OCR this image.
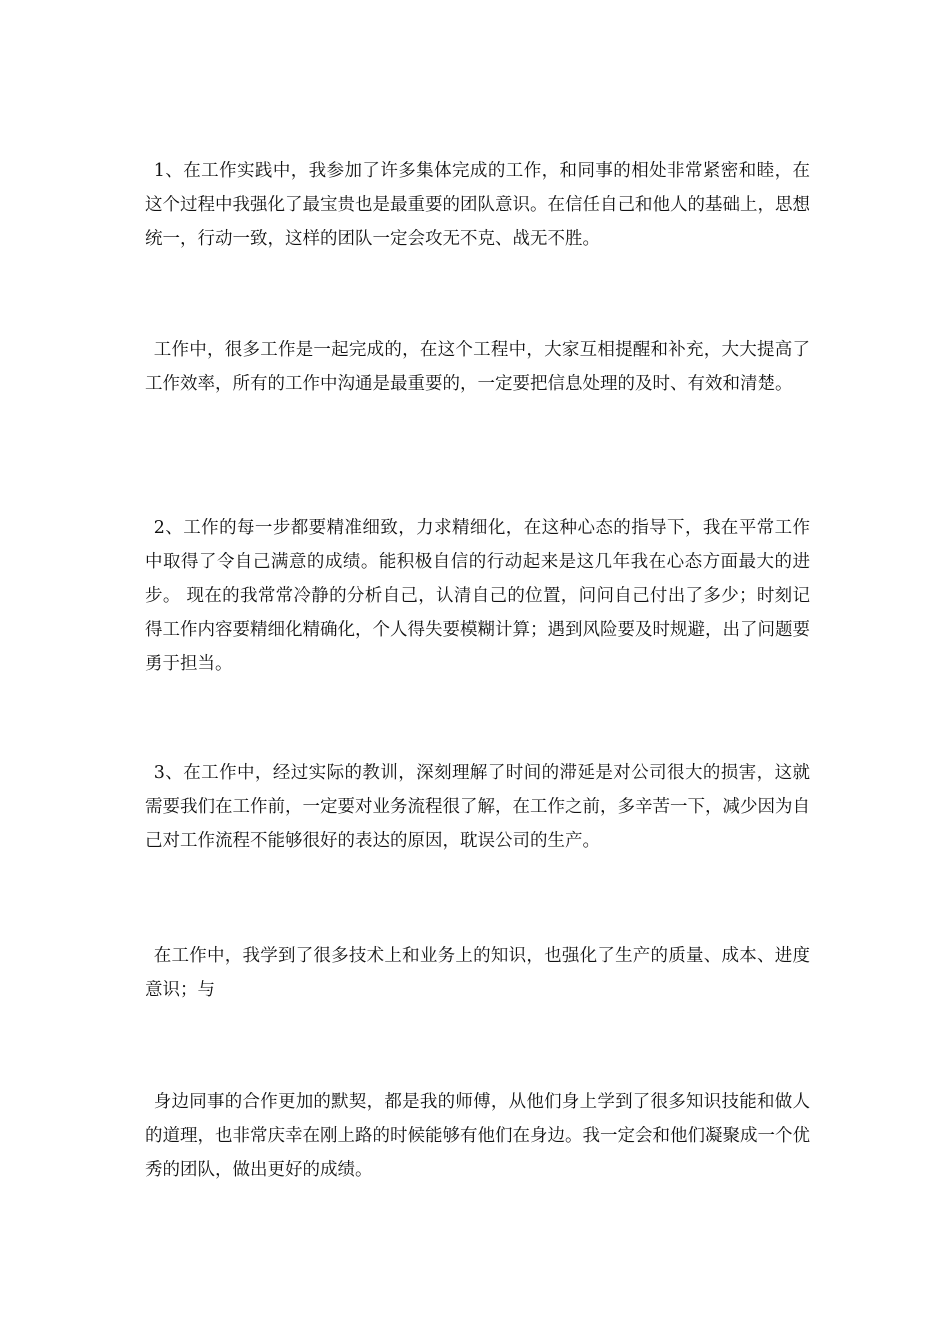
1、在工作实践中，我参加了许多集体完成的工作，和同事的相处非常紧密和睦，在这个过程中我强化了最宝贵也是最重要的团队意识。在信任自己和他人的基础上，思想统一，行动一致，这样的团队一定会攻无不克、战无不胜。

工作中，很多工作是一起完成的，在这个工程中，大家互相提醒和补充，大大提高了工作效率，所有的工作中沟通是最重要的，一定要把信息处理的及时、有效和清楚。

2、工作的每一步都要精准细致，力求精细化，在这种心态的指导下，我在平常工作中取得了令自己满意的成绩。能积极自信的行动起来是这几年我在心态方面最大的进步。 现在的我常常冷静的分析自己，认清自己的位置，问问自己付出了多少；时刻记得工作内容要精细化精确化，个人得失要模糊计算；遇到风险要及时规避，出了问题要勇于担当。

3、在工作中，经过实际的教训，深刻理解了时间的滞延是对公司很大的损害，这就需要我们在工作前，一定要对业务流程很了解，在工作之前，多辛苦一下，减少因为自己对工作流程不能够很好的表达的原因，耽误公司的生产。

在工作中，我学到了很多技术上和业务上的知识，也强化了生产的质量、成本、进度意识；与

身边同事的合作更加的默契，都是我的师傅，从他们身上学到了很多知识技能和做人的道理，也非常庆幸在刚上路的时候能够有他们在身边。我一定会和他们凝聚成一个优秀的团队，做出更好的成绩。
